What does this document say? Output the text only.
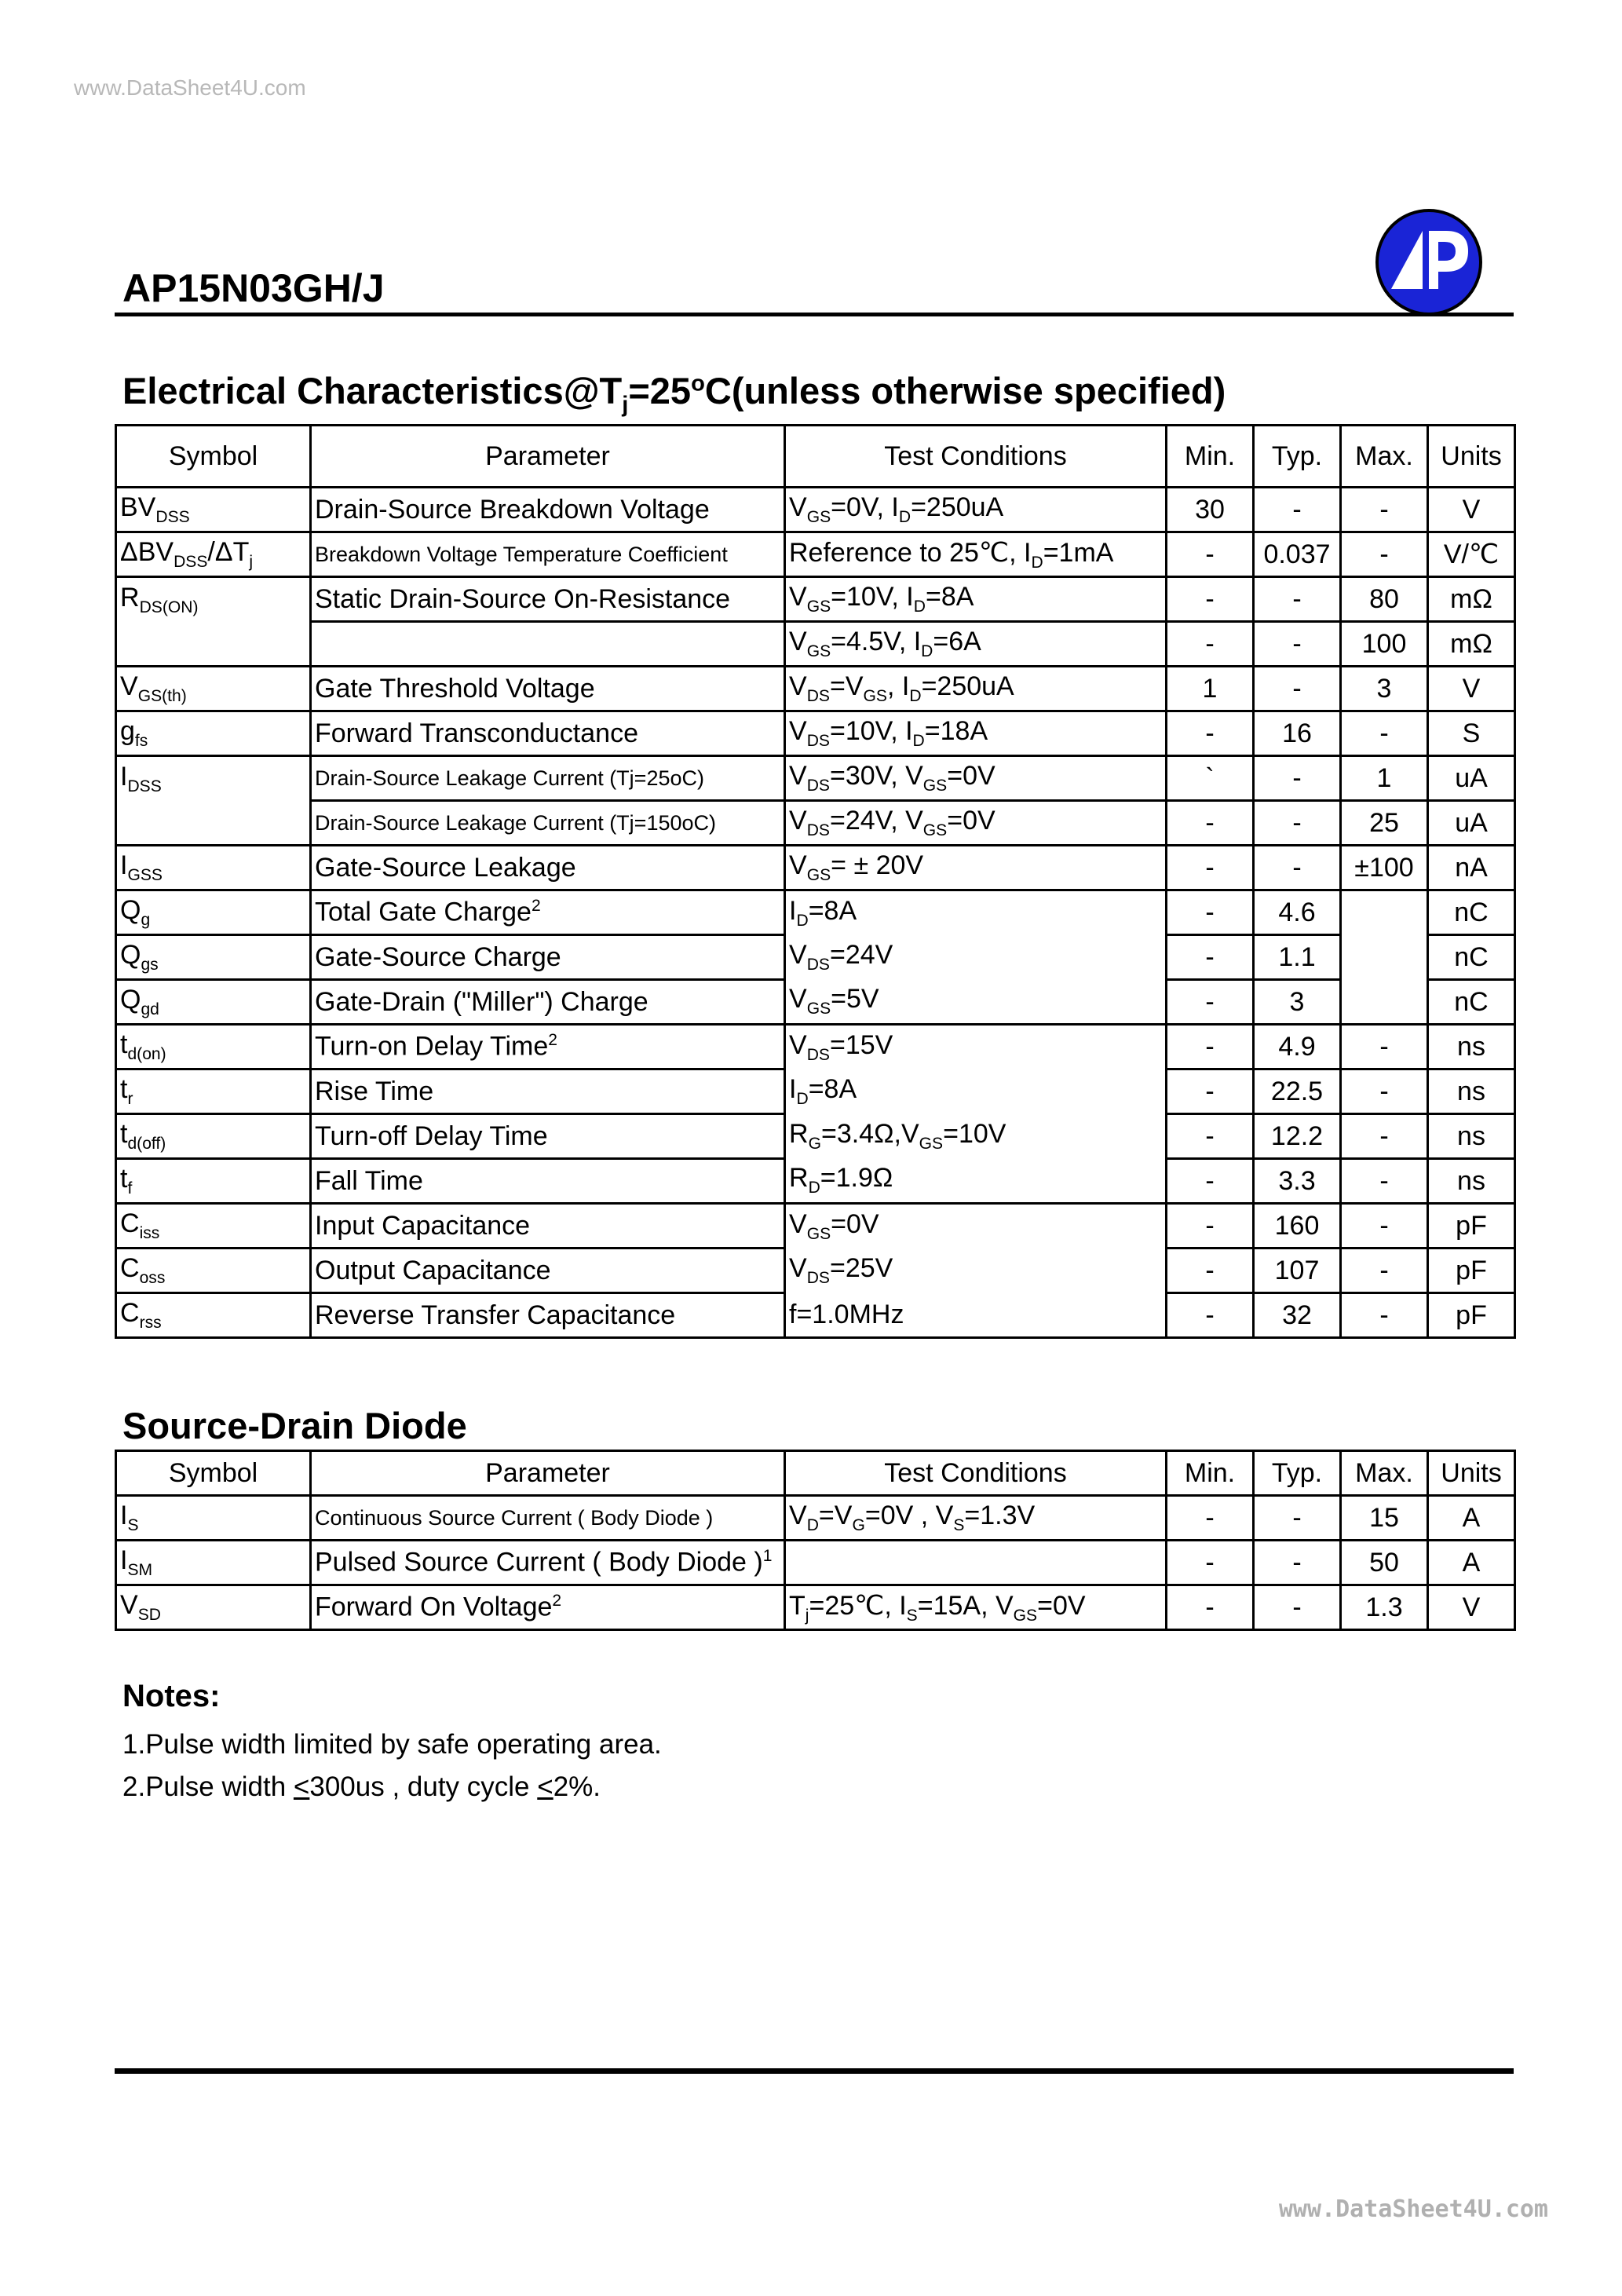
www.DataSheet4U.com
AP15N03GH/J
Electrical $Characteristics@T_j=25^oC(unless$ otherwise specified)
Symbol	Parameter	Test Conditions	Min.	Typ.	Max.	Units
$BV_{DSS}$	Drain-Source Breakdown Voltage	$V_{GS}=0V$, $I_D=250uA$	30	-	-	V
$\Delta BV_{DSS}/\Delta T_j$	Breakdown Voltage Temperature Coefficient	Reference to 25℃, $I_D=1mA$	-	0.037	-	V/℃
$R_{DS(ON)}$	Static Drain-Source On-Resistance	$V_{GS}=10V$, $I_D=8A$	-	-	80	mΩ
		$V_{GS}=4.5V$, $I_D=6A$	-	-	100	mΩ
$V_{GS(th)}$	Gate Threshold Voltage	$V_{DS}=V_{GS}$, $I_D=250uA$	1	-	3	V
$g_{fs}$	Forward Transconductance	$V_{DS}=10V$, $I_D=18A$	-	16	-	S
$I_{DSS}$	Drain-Source Leakage Current (Tj=25oC)	$V_{DS}=30V$, $V_{GS}=0V$	`	-	1	uA
	Drain-Source Leakage Current (Tj=150oC)	$V_{DS}=24V$, $V_{GS}=0V$	-	-	25	uA
$I_{GSS}$	Gate-Source Leakage	$V_{GS}= \pm 20V$	-	-	±100	nA
$Q_g$	Total Gate Charge$^2$	$I_D=8A$	-	4.6		nC
$Q_{gs}$	Gate-Source Charge	$V_{DS}=24V$	-	1.1		nC
$Q_{gd}$	Gate-Drain ("Miller") Charge	$V_{GS}=5V$	-	3		nC
$t_{d(on)}$	Turn-on Delay Time$^2$	$V_{DS}=15V$	-	4.9	-	ns
$t_r$	Rise Time	$I_D=8A$	-	22.5	-	ns
$t_{d(off)}$	Turn-off Delay Time	$R_G=3.4\Omega,V_{GS}=10V$	-	12.2	-	ns
$t_f$	Fall Time	$R_D=1.9\Omega$	-	3.3	-	ns
$C_{iss}$	Input Capacitance	$V_{GS}=0V$	-	160	-	pF
$C_{oss}$	Output Capacitance	$V_{DS}=25V$	-	107	-	pF
$C_{rss}$	Reverse Transfer Capacitance	f=1.0MHz	-	32	-	pF
Source-Drain Diode
Symbol	Parameter	Test Conditions	Min.	Typ.	Max.	Units
$I_S$	Continuous Source Current ( Body Diode )	$V_D=V_G=0V$ , $V_S=1.3V$	-	-	15	A
$I_{SM}$	Pulsed Source Current ( Body Diode )$^1$		-	-	50	A
$V_{SD}$	Forward On Voltage$^2$	$T_j=25℃$, $I_S=15A$, $V_{GS}=0V$	-	-	1.3	V
Notes:
1.Pulse width limited by safe operating area.
2.Pulse width <300us , duty cycle <2%.
www.DataSheet4U.com
